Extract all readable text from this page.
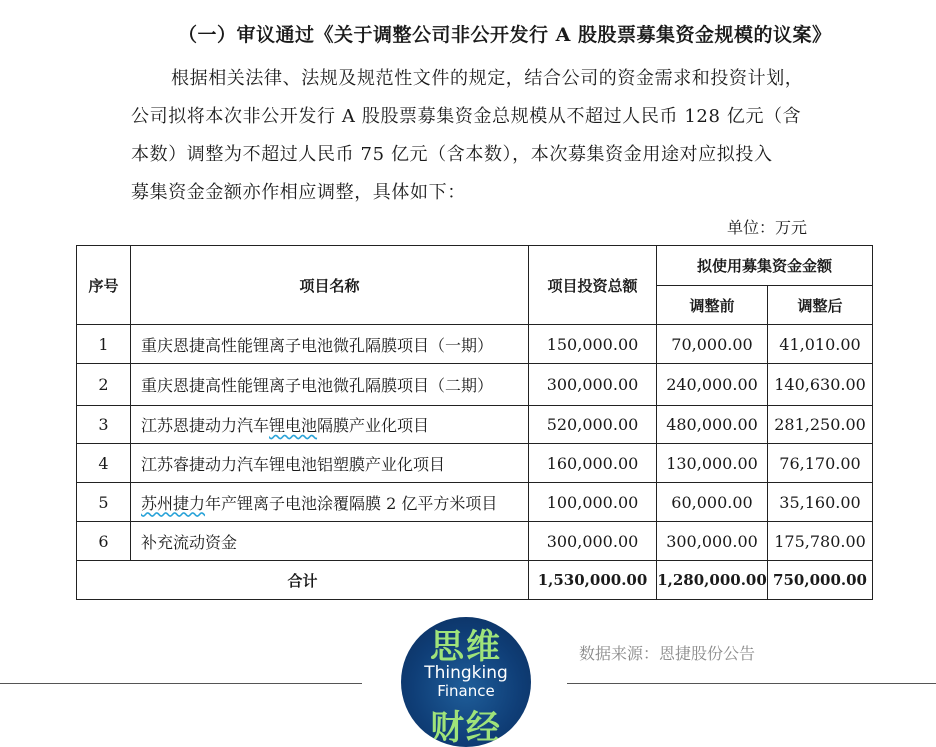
（一）审议通过《关于调整公司非公开发行 A 股股票募集资金规模的议案》
根据相关法律、法规及规范性文件的规定，结合公司的资金需求和投资计划，
公司拟将本次非公开发行 A 股股票募集资金总规模从不超过人民币 128 亿元（含
本数）调整为不超过人民币 75 亿元（含本数），本次募集资金用途对应拟投入
募集资金金额亦作相应调整，具体如下：
单位：万元
序号	项目名称	项目投资总额	拟使用募集资金金额	
			调整前	调整后
1	重庆恩捷高性能锂离子电池微孔隔膜项目（一期）	150,000.00	70,000.00	41,010.00
2	重庆恩捷高性能锂离子电池微孔隔膜项目（二期）	300,000.00	240,000.00	140,630.00
3	江苏恩捷动力汽车锂电池隔膜产业化项目	520,000.00	480,000.00	281,250.00
4	江苏睿捷动力汽车锂电池铝塑膜产业化项目	160,000.00	130,000.00	76,170.00
5	苏州捷力年产锂离子电池涂覆隔膜 2 亿平方米项目	100,000.00	60,000.00	35,160.00
6	补充流动资金	300,000.00	300,000.00	175,780.00
合计		1,530,000.00	1,280,000.00	750,000.00
思维
Thingking
Finance
财经
数据来源：恩捷股份公告
